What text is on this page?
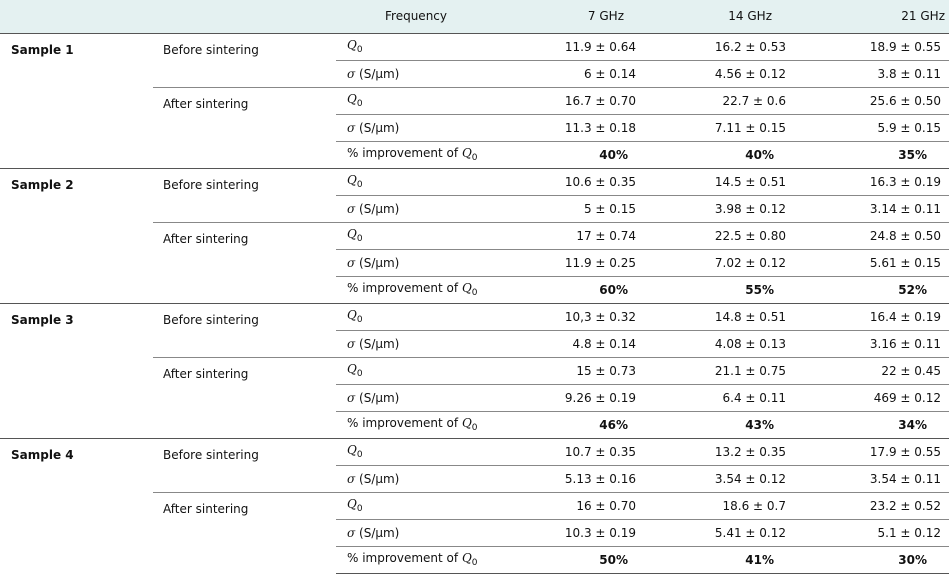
		Frequency	7 GHz	14 GHz	21 GHz
Sample 1	Before sintering	$Q_0$	11.9 ± 0.64	16.2 ± 0.53	18.9 ± 0.55
		σ (S/μm)	6 ± 0.14	4.56 ± 0.12	3.8 ± 0.11
	After sintering	$Q_0$	16.7 ± 0.70	22.7 ± 0.6	25.6 ± 0.50
		σ (S/μm)	11.3 ± 0.18	7.11 ± 0.15	5.9 ± 0.15
		% improvement of $Q_0$	40%	40%	35%
Sample 2	Before sintering	$Q_0$	10.6 ± 0.35	14.5 ± 0.51	16.3 ± 0.19
		σ (S/μm)	5 ± 0.15	3.98 ± 0.12	3.14 ± 0.11
	After sintering	$Q_0$	17 ± 0.74	22.5 ± 0.80	24.8 ± 0.50
		σ (S/μm)	11.9 ± 0.25	7.02 ± 0.12	5.61 ± 0.15
		% improvement of $Q_0$	60%	55%	52%
Sample 3	Before sintering	$Q_0$	10,3 ± 0.32	14.8 ± 0.51	16.4 ± 0.19
		σ (S/μm)	4.8 ± 0.14	4.08 ± 0.13	3.16 ± 0.11
	After sintering	$Q_0$	15 ± 0.73	21.1 ± 0.75	22 ± 0.45
		σ (S/μm)	9.26 ± 0.19	6.4 ± 0.11	469 ± 0.12
		% improvement of $Q_0$	46%	43%	34%
Sample 4	Before sintering	$Q_0$	10.7 ± 0.35	13.2 ± 0.35	17.9 ± 0.55
		σ (S/μm)	5.13 ± 0.16	3.54 ± 0.12	3.54 ± 0.11
	After sintering	$Q_0$	16 ± 0.70	18.6 ± 0.7	23.2 ± 0.52
		σ (S/μm)	10.3 ± 0.19	5.41 ± 0.12	5.1 ± 0.12
		% improvement of $Q_0$	50%	41%	30%
